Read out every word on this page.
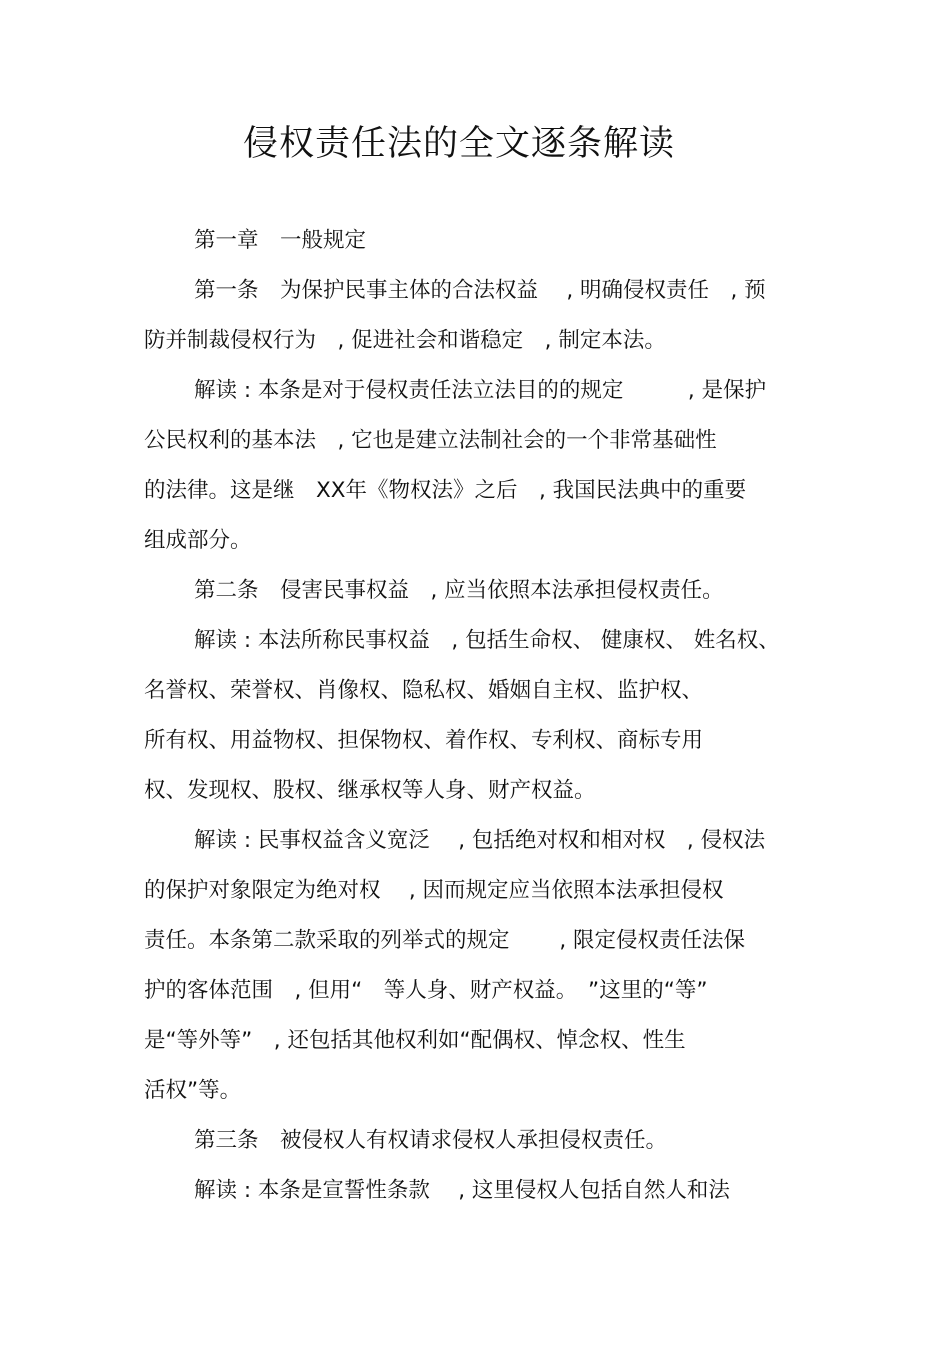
侵权责任法的全文逐条解读

第一章　一般规定

第一条　为保护民事主体的合法权益　 , 明确侵权责任　, 预

防并制裁侵权行为　, 促进社会和谐稳定　, 制定本法。

解读 : 本条是对于侵权责任法立法目的的规定　　　, 是保护

公民权利的基本法　, 它也是建立法制社会的一个非常基础性

的法律。这是继　XX年《物权法》之后　, 我国民法典中的重要

组成部分。

第二条　侵害民事权益　, 应当依照本法承担侵权责任。

解读 : 本法所称民事权益　, 包括生命权、 健康权、 姓名权、

名誉权、荣誉权、肖像权、隐私权、婚姻自主权、监护权、

所有权、用益物权、担保物权、着作权、专利权、商标专用

权、发现权、股权、继承权等人身、财产权益。

解读 : 民事权益含义宽泛　 , 包括绝对权和相对权　, 侵权法

的保护对象限定为绝对权　 , 因而规定应当依照本法承担侵权

责任。本条第二款采取的列举式的规定　　 , 限定侵权责任法保

护的客体范围　, 但用“　等人身、财产权益。　”这里的“等”

是“等外等”　, 还包括其他权利如“配偶权、悼念权、性生

活权”等。

第三条　被侵权人有权请求侵权人承担侵权责任。

解读 : 本条是宣誓性条款　 , 这里侵权人包括自然人和法
